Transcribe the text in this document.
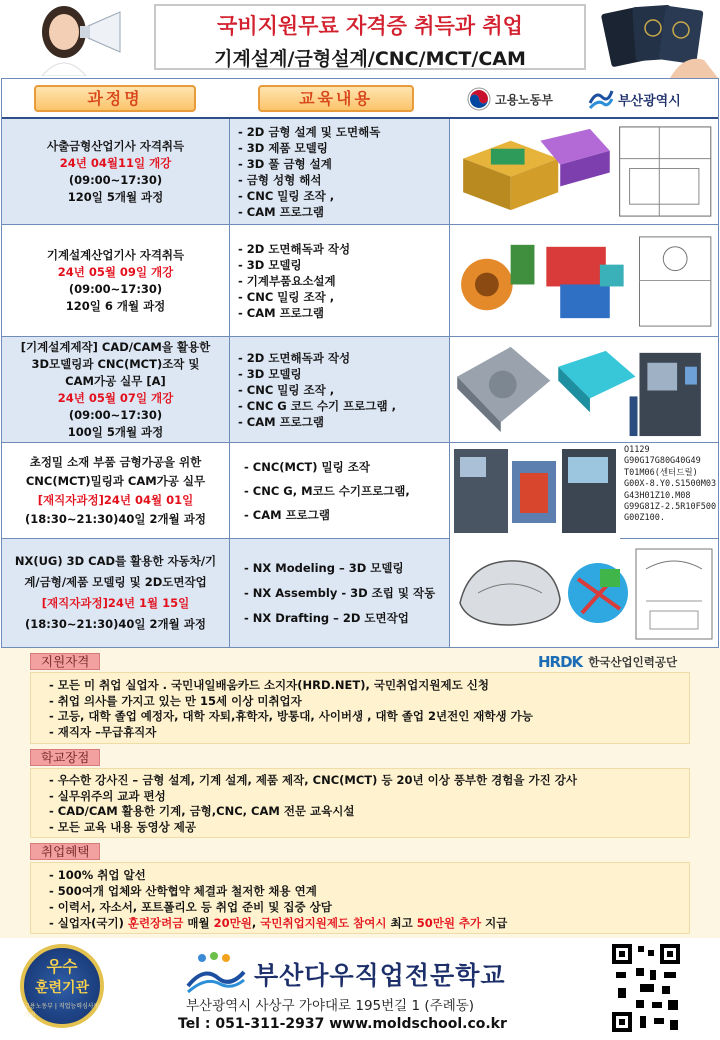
국비지원무료 자격증 취득과 취업
기계설계/금형설계/CNC/MCT/CAM
과정명	교육내용	고용노동부	부산광역시
사출금형산업기사 자격취득
24년 04월11일 개강
(09:00~17:30)
120일 5개월 과정
- 2D 금형 설계 및 도면해독
- 3D 제품 모델링
- 3D 풀 금형 설계
- 금형 성형 해석
- CNC 밀링 조작 ,
- CAM 프로그램
기계설계산업기사 자격취득
24년 05월 09일 개강
(09:00~17:30)
120일 6 개월 과정
- 2D 도면해독과 작성
- 3D 모델링
- 기계부품요소설계
- CNC 밀링 조작 ,
- CAM 프로그램
[기계설계제작] CAD/CAM을 활용한
3D모델링과 CNC(MCT)조작 및
CAM가공 실무 [A]
24년 05월 07일 개강
(09:00~17:30)
100일 5개월 과정
- 2D 도면해독과 작성
- 3D 모델링
- CNC 밀링 조작 ,
- CNC G 코드 수기 프로그램 ,
- CAM 프로그램
초정밀 소재 부품 금형가공을 위한
CNC(MCT)밀링과 CAM가공 실무
[재직자과정]24년 04월 01일
(18:30~21:30)40일 2개월 과정
- CNC(MCT) 밀링 조작
- CNC G, M코드 수기프로그램,
- CAM 프로그램
O1129
G90G17G80G40G49
T01M06(센터드릴)
G00X-8.Y0.S1500M03
G43H01Z10.M08
G99G81Z-2.5R10F500
G00Z100.
NX(UG) 3D CAD를 활용한 자동차/기
계/금형/제품 모델링 및 2D도면작업
[재직자과정]24년 1월 15일
(18:30~21:30)40일 2개월 과정
- NX Modeling – 3D 모델링
- NX Assembly - 3D 조립 및 작동
- NX Drafting – 2D 도면작업
HRDK 한국산업인력공단
지원자격
- 모든 미 취업 실업자 . 국민내일배움카드 소지자(HRD.NET), 국민취업지원제도 신청
- 취업 의사를 가지고 있는 만 15세 이상 미취업자
- 고등, 대학 졸업 예정자, 대학 자퇴,휴학자, 방통대, 사이버생 , 대학 졸업 2년전인 재학생 가능
- 재직자 –무급휴직자
학교장점
- 우수한 강사진 – 금형 설계, 기계 설계, 제품 제작, CNC(MCT) 등 20년 이상 풍부한 경험을 가진 강사
- 실무위주의 교과 편성
- CAD/CAM 활용한 기계, 금형,CNC, CAM 전문 교육시설
- 모든 교육 내용 동영상 제공
취업혜택
- 100% 취업 알선
- 500여개 업체와 산학협약 체결과 철저한 채용 연계
- 이력서, 자소서, 포트폴리오 등 취업 준비 및 집중 상담
- 실업자(국기) 훈련장려금 매월 20만원, 국민취업지원제도 참여시 최고 50만원 추가 지급
우수
훈련기관
고용노동부 | 직업능력심사평가원
부산다우직업전문학교
부산광역시 사상구 가야대로 195번길 1 (주례동)
Tel : 051-311-2937 www.moldschool.co.kr
